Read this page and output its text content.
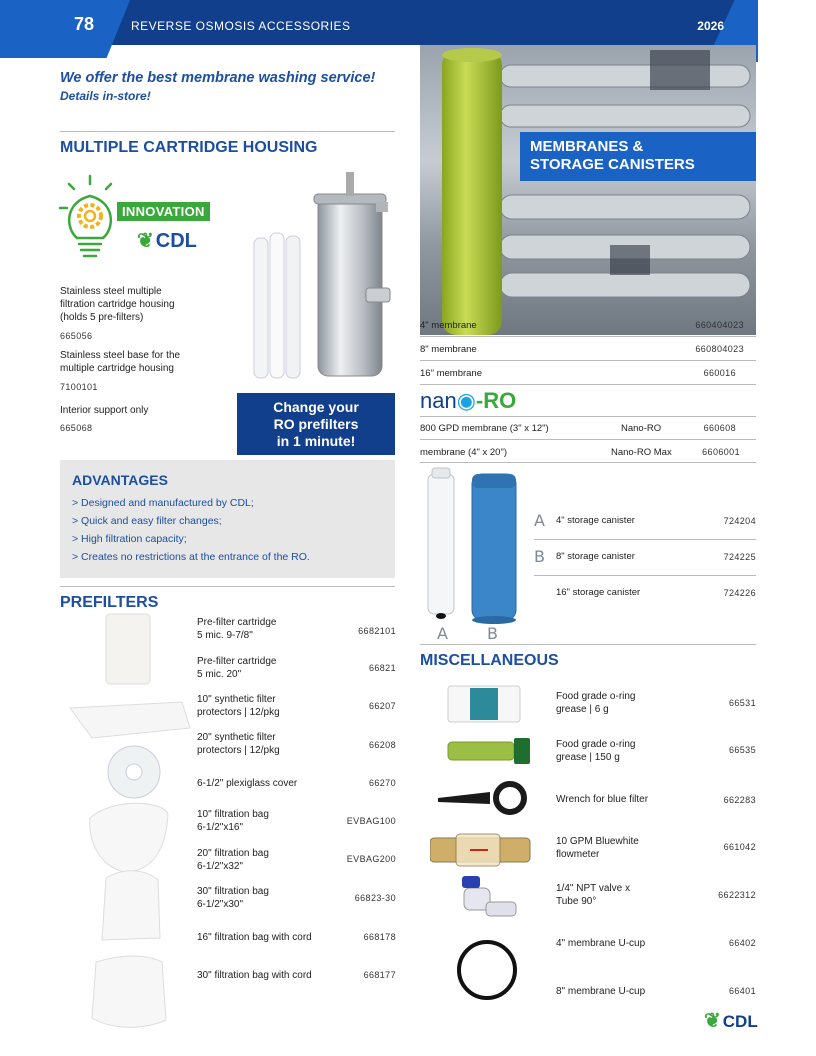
78	REVERSE OSMOSIS ACCESSORIES	2026
We offer the best membrane washing service!
Details in-store!
MULTIPLE CARTRIDGE HOUSING
INNOVATION
❦ CDL
Stainless steel multiple
filtration cartridge housing
(holds 5 pre-filters)
665056
Stainless steel base for the
multiple cartridge housing
7100101
Interior support only
665068
Change your
RO prefilters
in 1 minute!
ADVANTAGES
> Designed and manufactured by CDL;
> Quick and easy filter changes;
> High filtration capacity;
> Creates no restrictions at the entrance of the RO.
PREFILTERS
Pre-filter cartridge
5 mic. 9-7/8"	6682101
Pre-filter cartridge
5 mic. 20"
66821
10" synthetic filter
protectors | 12/pkg
66207
20" synthetic filter
protectors | 12/pkg	66208
6-1/2" plexiglass cover	66270
10" filtration bag
6-1/2"x16"
EVBAG100
20" filtration bag
6-1/2"x32"
EVBAG200
30" filtration bag
6-1/2"x30"
66823-30
16" filtration bag with cord	668178
30" filtration bag with cord	668177
MEMBRANES &
STORAGE CANISTERS
4" membrane	660404023
8" membrane	660804023
16" membrane	660016
nan◉-RO
800 GPD membrane (3" x 12")	Nano-RO	660608
membrane (4" x 20")	Nano-RO Max	6606001
A B
A 4" storage canister	724204
B 8" storage canister	724225
16" storage canister	724226
MISCELLANEOUS
Food grade o-ring
grease | 6 g
66531
Food grade o-ring
grease | 150 g
66535
Wrench for blue filter	662283
10 GPM Bluewhite
flowmeter
661042
1/4" NPT valve x
Tube 90°
6622312
4" membrane U-cup	66402
8" membrane U-cup	66401
❦ CDL
